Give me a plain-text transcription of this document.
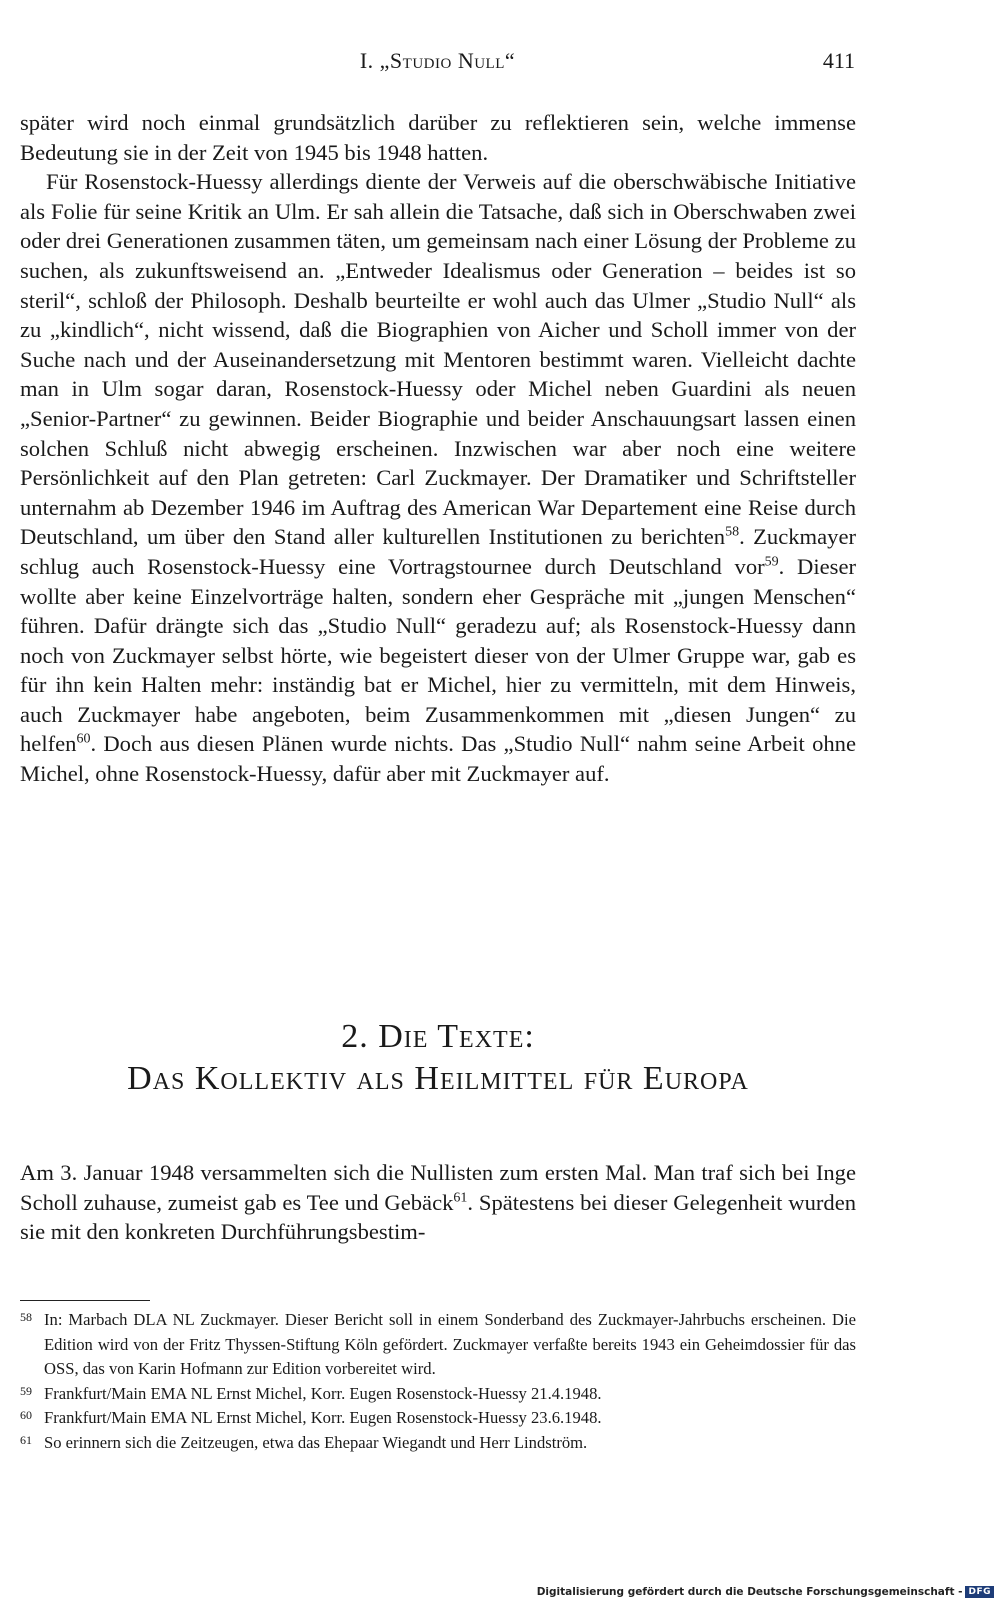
I. „Studio Null“	411

später wird noch einmal grundsätzlich darüber zu reflektieren sein, welche immense Bedeutung sie in der Zeit von 1945 bis 1948 hatten.

Für Rosenstock-Huessy allerdings diente der Verweis auf die oberschwäbische Initiative als Folie für seine Kritik an Ulm. Er sah allein die Tatsache, daß sich in Oberschwaben zwei oder drei Generationen zusammen täten, um gemeinsam nach einer Lösung der Probleme zu suchen, als zukunftsweisend an. „Entweder Idealismus oder Generation – beides ist so steril“, schloß der Philosoph. Deshalb beurteilte er wohl auch das Ulmer „Studio Null“ als zu „kindlich“, nicht wissend, daß die Biographien von Aicher und Scholl immer von der Suche nach und der Auseinandersetzung mit Mentoren bestimmt waren. Vielleicht dachte man in Ulm sogar daran, Rosenstock-Huessy oder Michel neben Guardini als neuen „Senior-Partner“ zu gewinnen. Beider Biographie und beider Anschauungsart lassen einen solchen Schluß nicht abwegig erscheinen. Inzwischen war aber noch eine weitere Persönlichkeit auf den Plan getreten: Carl Zuckmayer. Der Dramatiker und Schriftsteller unternahm ab Dezember 1946 im Auftrag des American War Departement eine Reise durch Deutschland, um über den Stand aller kulturellen Institutionen zu berichten$^{58}$. Zuckmayer schlug auch Rosenstock-Huessy eine Vortragstournee durch Deutschland vor$^{59}$. Dieser wollte aber keine Einzelvorträge halten, sondern eher Gespräche mit „jungen Menschen“ führen. Dafür drängte sich das „Studio Null“ geradezu auf; als Rosenstock-Huessy dann noch von Zuckmayer selbst hörte, wie begeistert dieser von der Ulmer Gruppe war, gab es für ihn kein Halten mehr: inständig bat er Michel, hier zu vermitteln, mit dem Hinweis, auch Zuckmayer habe angeboten, beim Zusammenkommen mit „diesen Jungen“ zu helfen$^{60}$. Doch aus diesen Plänen wurde nichts. Das „Studio Null“ nahm seine Arbeit ohne Michel, ohne Rosenstock-Huessy, dafür aber mit Zuckmayer auf.

2. Die Texte:
Das Kollektiv als Heilmittel für Europa

Am 3. Januar 1948 versammelten sich die Nullisten zum ersten Mal. Man traf sich bei Inge Scholl zuhause, zumeist gab es Tee und Gebäck$^{61}$. Spätestens bei dieser Gelegenheit wurden sie mit den konkreten Durchführungsbestim-

58 In: Marbach DLA NL Zuckmayer. Dieser Bericht soll in einem Sonderband des Zuckmayer-Jahrbuchs erscheinen. Die Edition wird von der Fritz Thyssen-Stiftung Köln gefördert. Zuckmayer verfaßte bereits 1943 ein Geheimdossier für das OSS, das von Karin Hofmann zur Edition vorbereitet wird.
59 Frankfurt/Main EMA NL Ernst Michel, Korr. Eugen Rosenstock-Huessy 21.4.1948.
60 Frankfurt/Main EMA NL Ernst Michel, Korr. Eugen Rosenstock-Huessy 23.6.1948.
61 So erinnern sich die Zeitzeugen, etwa das Ehepaar Wiegandt und Herr Lindström.
Digitalisierung gefördert durch die Deutsche Forschungsgemeinschaft - DFG
